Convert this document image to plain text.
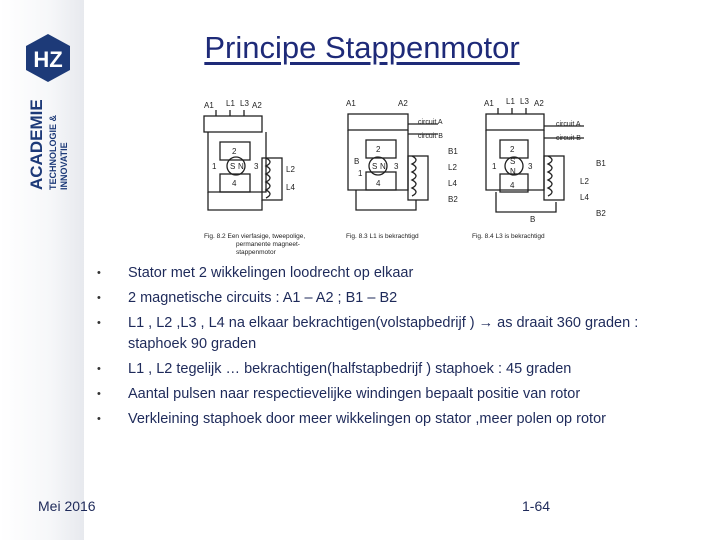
HZ
ACADEMIE TECHNOLOGIE & INNOVATIE
Principe Stappenmotor
A1 L1 L3 A2
2
S N 3
1
4
L2
L4
Fig. 8.2 Een vierfasige, tweepolige,
permanente magneet-
stappenmotor
A1	A2
circuit A
circuit B
B1
L2
L4
B2
B
2
S N 3
1
4
Fig. 8.3 L1 is bekrachtigd
A1 L1 L3 A2
circuit A
circuit B
B1
B2
L2
L4
2
S
N
3
1
4
B
Fig. 8.4 L3 is bekrachtigd
• Stator met 2 wikkelingen loodrecht op elkaar
• 2 magnetische circuits : A1 – A2 ; B1 – B2
• L1 , L2 ,L3 , L4 na elkaar bekrachtigen(volstapbedrijf ) → as draait 360 graden : staphoek 90 graden
• L1 , L2 tegelijk … bekrachtigen(halfstapbedrijf ) staphoek : 45 graden
• Aantal pulsen naar respectievelijke windingen bepaalt positie van rotor
• Verkleining staphoek door meer wikkelingen op stator ,meer polen op rotor
Mei 2016	1-64
